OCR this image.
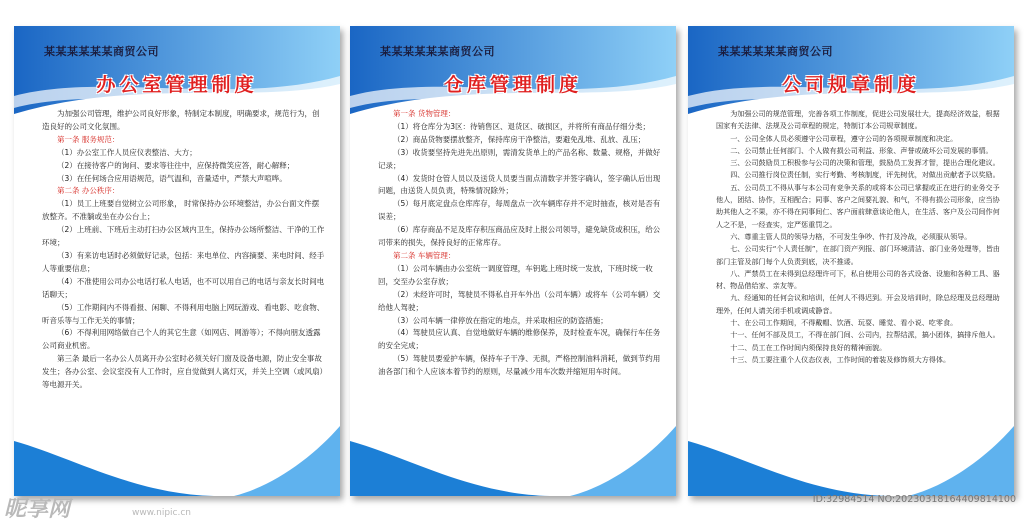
某某某某某某商贸公司

办公室管理制度

为加强公司管理，维护公司良好形象，特制定本制度，明确要求，规范行为，创造良好的公司文化氛围。

第一条 服务规范：

（1）办公室工作人员应仪表整洁、大方；

（2）在接待客户的询问、要求等往往中，应保持微笑应答，耐心解释；

（3）在任何场合应用语规范，语气温和，音量适中，严禁大声喧哗。

第二条 办公秩序：

（1）员工上班要自觉树立公司形象， 时常保持办公环境整洁，办公台面文件摆放整齐。不准躺或坐在办公台上；

（2）上班前、下班后主动打扫办公区域内卫生，保持办公场所整洁、干净的工作环境；

（3）有来访电话时必须做好记录，包括：来电单位、内容摘要、来电时间、经手人等重要信息；

（4）不准使用公司办公电话打私人电话，也不可以用自己的电话与亲友长时间电话聊天；

（5）工作期间内不得看报、闲聊、不得利用电脑上网玩游戏、看电影、吃食物、听音乐等与工作无关的事情；

（6）不得利用网络做自己个人的其它生意（如网店、网游等）；不得向朋友透露公司商业机密。

第三条 最后一名办公人员离开办公室时必须关好门窗及设备电源，防止安全事故发生；各办公室、会议室没有人工作时，应自觉做到人离灯灭，并关上空调（或风扇）等电源开关。

某某某某某某商贸公司

仓库管理制度

第一条 货物管理：

（1）将仓库分为3区：待销售区、退货区、破损区，并将所有商品仔细分类；

（2）商品货物要摆放整齐，保持库房干净整洁，要避免乱堆、乱放、乱压；

（3）收货要坚持先进先出原则，需清发货单上的产品名称、数量、规格，并做好记录；

（4）发货时仓管人员以及送货人员要当面点清数字并签字确认，签字确认后出现问题，由送货人员负责，特殊情况除外；

（5）每月底定盘点仓库库存，每周盘点一次车辆库存并不定时抽查，核对是否有误差；

（6）库存商品不足及库存积压商品应及时上报公司领导，避免缺货或积压，给公司带来的损失，保持良好的正常库存。

第二条 车辆管理：

（1）公司车辆由办公室统一调度管理，车钥匙上班时统一发放，下班时统一收回，交至办公室存放；

（2）未经许可时，驾驶员不得私自开车外出（公司车辆）或将车（公司车辆）交给他人驾驶；

（3）公司车辆一律停放在指定的地点，并采取相应的防盗措施；

（4）驾驶员应认真、自觉地做好车辆的维修保养，及时检查车况，确保行车任务的安全完成；

（5）驾驶员要爱护车辆，保持车子干净、无损，严格控制油料消耗，做到节约用油各部门和个人应该本着节约的原则，尽量减少用车次数并缩短用车时间。

某某某某某某商贸公司

公司规章制度

为加强公司的规范管理，完善各项工作制度，促进公司发展壮大，提高经济效益，根据国家有关法律、法规及公司章程的规定，特制订本公司规章制度。

一、公司全体人员必须遵守公司章程，遵守公司的各项规章制度和决定。

二、公司禁止任何部门、个人做有损公司利益、形象、声誉或破坏公司发展的事情。

三、公司鼓励员工积极参与公司的决策和管理，鼓励员工发挥才智，提出合理化建议。

四、公司推行岗位责任制，实行考勤、考核制度，评先树优，对做出贡献者予以奖励。

五、公司员工不得从事与本公司有竞争关系的或将本公司已掌握或正在进行的业务交予他人，团结、协作，互相配合；同事、客户之间要礼貌、和气，不得有损公司形象，应当协助其他人之不果，亦不得在同事间仁、客户面前肆意谈论他人，在生活、客户及公司间作何人之不是，一经查实，定严惩重罚之。

六、尊重主管人员的领导力格，不可发生争吵、忤打及冷战，必须服从领导。

七、公司实行“个人责任制”，在部门资产列报、部门环境清洁、部门业务处理等，皆由部门主管及部门每个人负责到底，决不推诿。

八、严禁员工在未得到总经理许可下，私自使用公司的各式设备、设施和各种工具、器材、物品借给家、亲友等。

九、经通知的任何会议和培训，任何人不得迟到。开会及培训时，除总经理及总经理助理外，任何人请关闭手机或调成静音。

十、在公司工作期间，不得戴帽、饮酒、玩耍、睡觉、看小说、吃零食。

十一、任何不部及员工，不得在部门间、公司内，拉帮结派，搞小团体，搞排斥他人。

十二、员工在工作时间内须保持良好的精神面貌。

十三、员工要注重个人仪态仪表，工作时间的着装及修饰须大方得体。

昵享网	www.nipic.cn
ID:32984514 NO:20230318164409814100
